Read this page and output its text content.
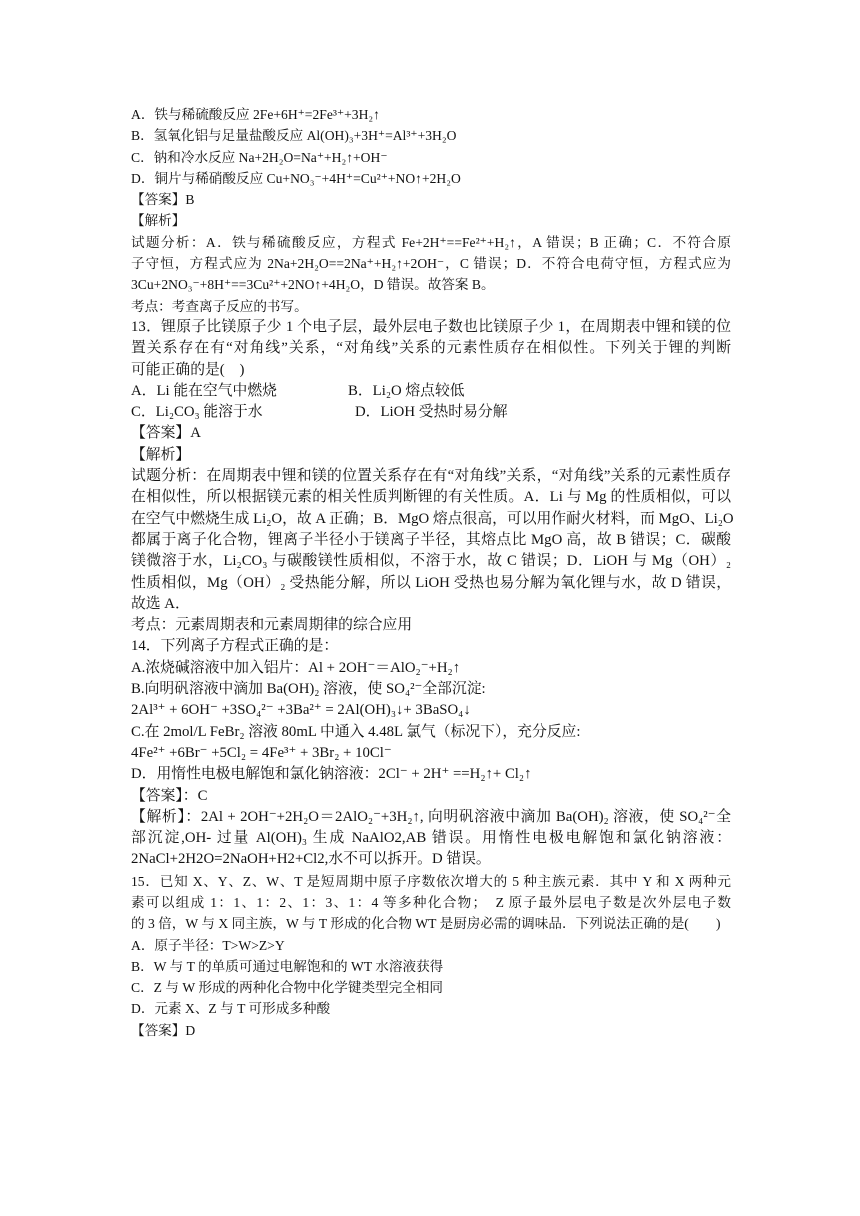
A．铁与稀硫酸反应 2Fe+6H⁺=2Fe³⁺+3H₂↑
B．氢氧化铝与足量盐酸反应 Al(OH)₃+3H⁺=Al³⁺+3H₂O
C．钠和冷水反应 Na+2H₂O=Na⁺+H₂↑+OH⁻
D．铜片与稀硝酸反应 Cu+NO₃⁻+4H⁺=Cu²⁺+NO↑+2H₂O
【答案】B
【解析】
试题分析：A．铁与稀硫酸反应，方程式 Fe+2H⁺==Fe²⁺+H₂↑，A 错误；B 正确；C．不符合原
子守恒，方程式应为 2Na+2H₂O==2Na⁺+H₂↑+2OH⁻，C 错误；D．不符合电荷守恒，方程式应为
3Cu+2NO₃⁻+8H⁺==3Cu²⁺+2NO↑+4H₂O，D 错误。故答案 B。
考点：考查离子反应的书写。
13．锂原子比镁原子少 1 个电子层，最外层电子数也比镁原子少 1，在周期表中锂和镁的位
置关系存在有“对角线”关系，“对角线”关系的元素性质存在相似性。下列关于锂的判断
可能正确的是(　)
A．Li 能在空气中燃烧	B．Li₂O 熔点较低
C．Li₂CO₃ 能溶于水	D．LiOH 受热时易分解
【答案】A
【解析】
试题分析：在周期表中锂和镁的位置关系存在有“对角线”关系，“对角线”关系的元素性质存
在相似性，所以根据镁元素的相关性质判断锂的有关性质。A．Li 与 Mg 的性质相似，可以
在空气中燃烧生成 Li₂O，故 A 正确；B．MgO 熔点很高，可以用作耐火材料，而 MgO、Li₂O
都属于离子化合物，锂离子半径小于镁离子半径，其熔点比 MgO 高，故 B 错误；C．碳酸
镁微溶于水，Li₂CO₃ 与碳酸镁性质相似，不溶于水，故 C 错误；D．LiOH 与 Mg（OH）₂
性质相似，Mg（OH）₂ 受热能分解，所以 LiOH 受热也易分解为氧化锂与水，故 D 错误，
故选 A．
考点：元素周期表和元素周期律的综合应用
14．下列离子方程式正确的是：
A.浓烧碱溶液中加入铝片：Al + 2OH⁻＝AlO₂⁻+H₂↑
B.向明矾溶液中滴加 Ba(OH)₂ 溶液，使 SO₄²⁻全部沉淀:
2Al³⁺ + 6OH⁻ +3SO₄²⁻ +3Ba²⁺ = 2Al(OH)₃↓+ 3BaSO₄↓
C.在 2mol/L FeBr₂ 溶液 80mL 中通入 4.48L 氯气（标况下），充分反应:
4Fe²⁺ +6Br⁻ +5Cl₂ = 4Fe³⁺ + 3Br₂ + 10Cl⁻
D．用惰性电极电解饱和氯化钠溶液：2Cl⁻ + 2H⁺ ==H₂↑+ Cl₂↑
【答案】：C
【解析】：2Al + 2OH⁻+2H₂O＝2AlO₂⁻+3H₂↑, 向明矾溶液中滴加 Ba(OH)₂ 溶液，使 SO₄²⁻全
部沉淀,OH- 过量 Al(OH)₃ 生成 NaAlO2,AB 错误。用惰性电极电解饱和氯化钠溶液：
2NaCl+2H2O=2NaOH+H2+Cl2,水不可以拆开。D 错误。
15．已知 X、Y、Z、W、T 是短周期中原子序数依次增大的 5 种主族元素．其中 Y 和 X 两种元
素可以组成 1：1、1：2、1：3、1：4 等多种化合物；　Z 原子最外层电子数是次外层电子数
的 3 倍，W 与 X 同主族，W 与 T 形成的化合物 WT 是厨房必需的调味品．下列说法正确的是(　　)
A．原子半径：T>W>Z>Y
B．W 与 T 的单质可通过电解饱和的 WT 水溶液获得
C．Z 与 W 形成的两种化合物中化学键类型完全相同
D．元素 X、Z 与 T 可形成多种酸
【答案】D
